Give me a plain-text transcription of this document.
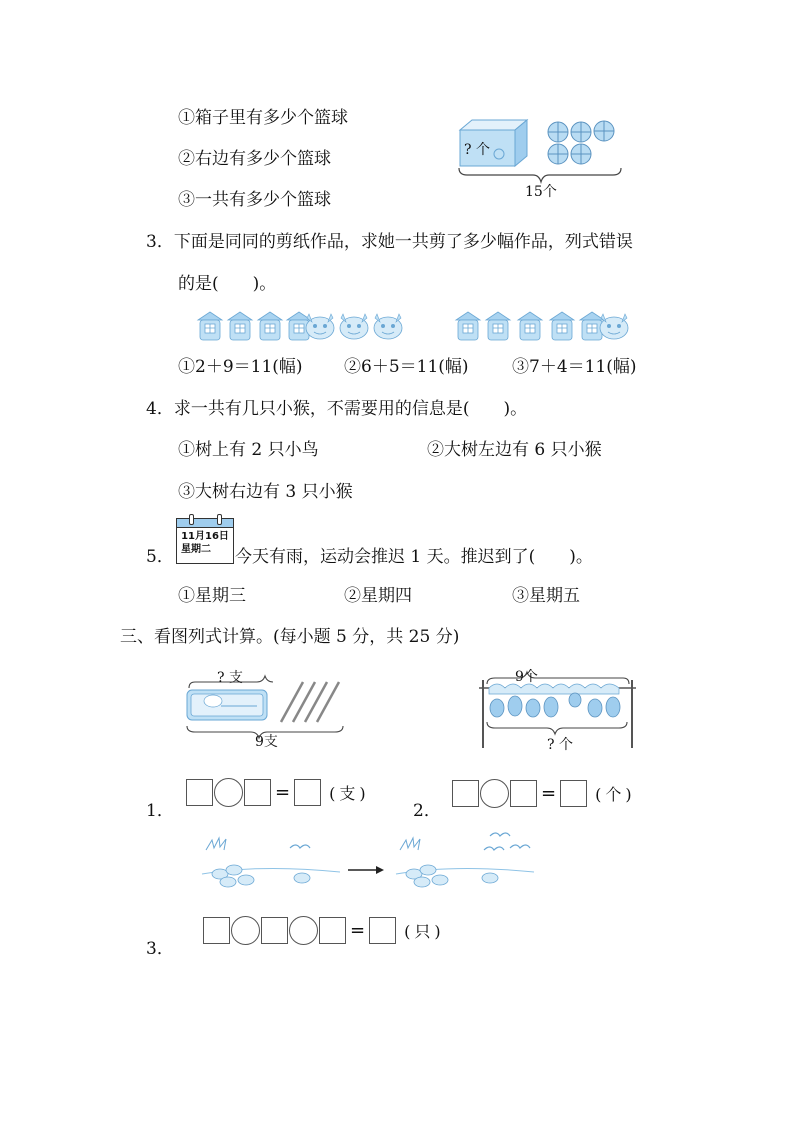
①箱子里有多少个篮球
②右边有多少个篮球
③一共有多少个篮球
? 个
15个
3．下面是同同的剪纸作品，求她一共剪了多少幅作品，列式错误
的是(　　)。
①2＋9＝11(幅) ②6＋5＝11(幅)	③7＋4＝11(幅)
4．求一共有几只小猴，不需要用的信息是(　　)。
①树上有 2 只小鸟	②大树左边有 6 只小猴
③大树右边有 3 只小猴
5．
11月16日
星期二	今天有雨，运动会推迟 1 天。推迟到了(　　)。
①星期三	②星期四	③星期五
三、看图列式计算。(每小题 5 分，共 25 分)
? 支
9支
9个
? 个
1．
= (支)
2．
= (个)
3．
= (只)
